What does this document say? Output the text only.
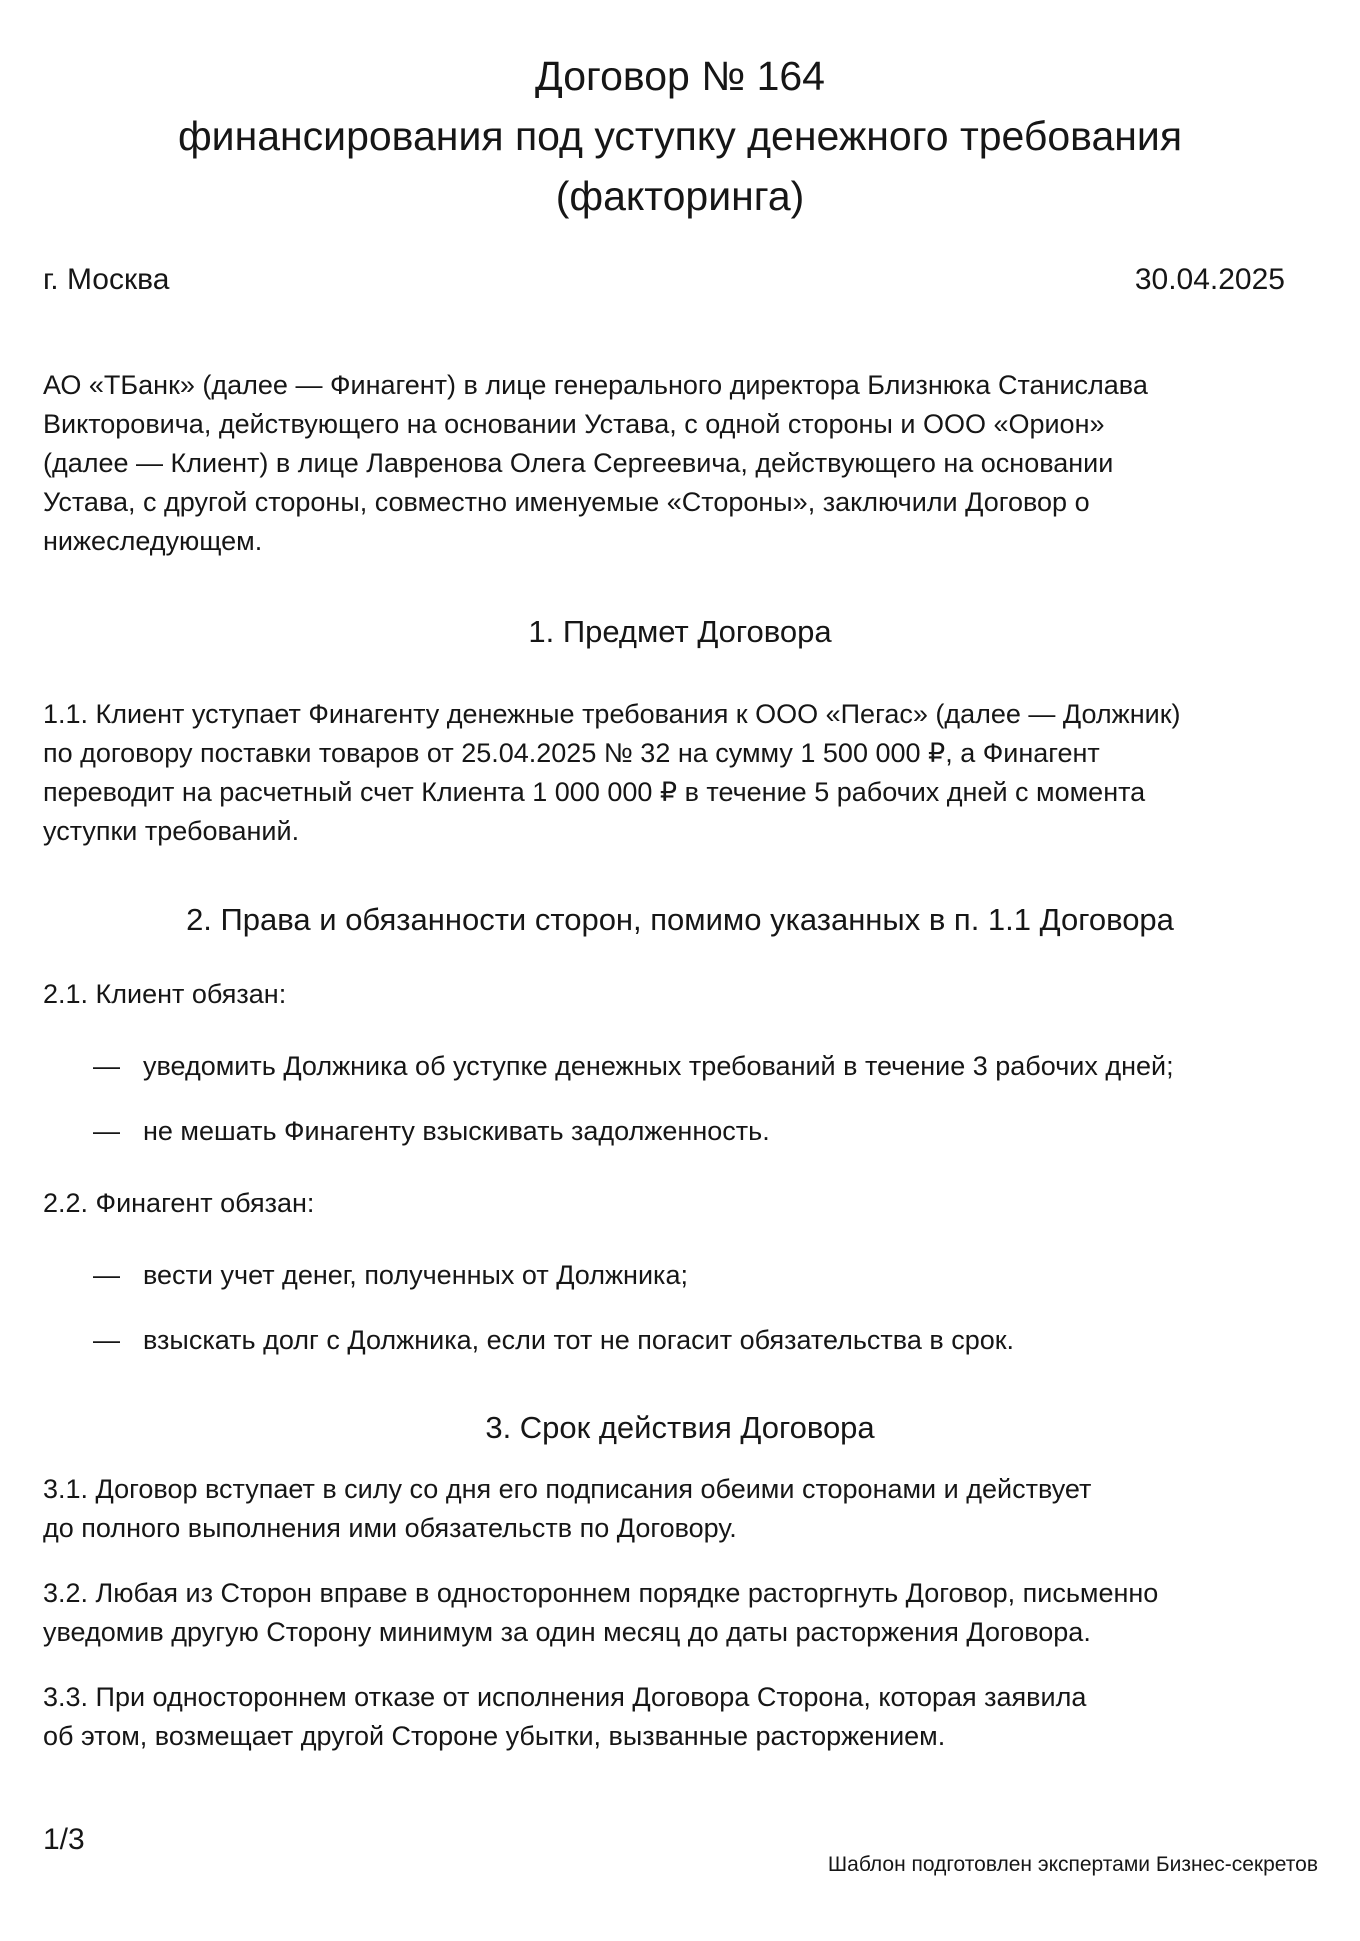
Договор № 164
финансирования под уступку денежного требования
(факторинга)
г. Москва	30.04.2025
АО «ТБанк» (далее — Финагент) в лице генерального директора Близнюка Станислава
Викторовича, действующего на основании Устава, с одной стороны и ООО «Орион»
(далее — Клиент) в лице Лавренова Олега Сергеевича, действующего на основании
Устава, с другой стороны, совместно именуемые «Стороны», заключили Договор о
нижеследующем.
1. Предмет Договора
1.1. Клиент уступает Финагенту денежные требования к ООО «Пегас» (далее — Должник)
по договору поставки товаров от 25.04.2025 № 32 на сумму 1 500 000 ₽, а Финагент
переводит на расчетный счет Клиента 1 000 000 ₽ в течение 5 рабочих дней с момента
уступки требований.
2. Права и обязанности сторон, помимо указанных в п. 1.1 Договора
2.1. Клиент обязан:
— уведомить Должника об уступке денежных требований в течение 3 рабочих дней;
— не мешать Финагенту взыскивать задолженность.
2.2. Финагент обязан:
— вести учет денег, полученных от Должника;
— взыскать долг с Должника, если тот не погасит обязательства в срок.
3. Срок действия Договора
3.1. Договор вступает в силу со дня его подписания обеими сторонами и действует
до полного выполнения ими обязательств по Договору.
3.2. Любая из Сторон вправе в одностороннем порядке расторгнуть Договор, письменно
уведомив другую Сторону минимум за один месяц до даты расторжения Договора.
3.3. При одностороннем отказе от исполнения Договора Сторона, которая заявила
об этом, возмещает другой Стороне убытки, вызванные расторжением.
1/3
Шаблон подготовлен экспертами Бизнес-секретов
